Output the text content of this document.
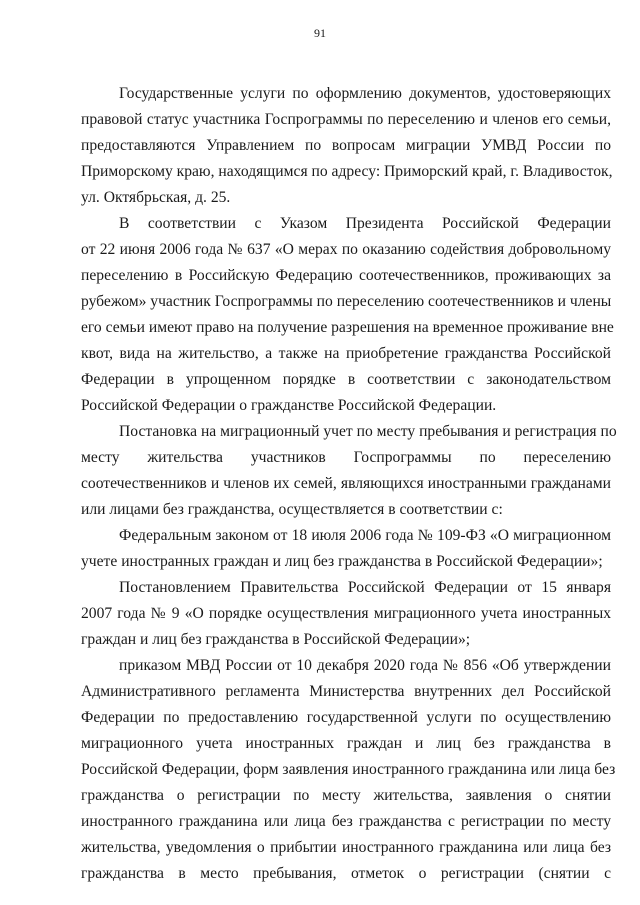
91
Государственные услуги по оформлению документов, удостоверяющих
правовой статус участника Госпрограммы по переселению и членов его семьи,
предоставляются Управлением по вопросам миграции УМВД России по
Приморскому краю, находящимся по адресу: Приморский край, г. Владивосток,
ул. Октябрьская, д. 25.
В соответствии с Указом Президента Российской Федерации
от 22 июня 2006 года № 637 «О мерах по оказанию содействия добровольному
переселению в Российскую Федерацию соотечественников, проживающих за
рубежом» участник Госпрограммы по переселению соотечественников и члены
его семьи имеют право на получение разрешения на временное проживание вне
квот, вида на жительство, а также на приобретение гражданства Российской
Федерации в упрощенном порядке в соответствии с законодательством
Российской Федерации о гражданстве Российской Федерации.
Постановка на миграционный учет по месту пребывания и регистрация по
месту жительства участников Госпрограммы по переселению
соотечественников и членов их семей, являющихся иностранными гражданами
или лицами без гражданства, осуществляется в соответствии с:
Федеральным законом от 18 июля 2006 года № 109-ФЗ «О миграционном
учете иностранных граждан и лиц без гражданства в Российской Федерации»;
Постановлением Правительства Российской Федерации от 15 января
2007 года № 9 «О порядке осуществления миграционного учета иностранных
граждан и лиц без гражданства в Российской Федерации»;
приказом МВД России от 10 декабря 2020 года № 856 «Об утверждении
Административного регламента Министерства внутренних дел Российской
Федерации по предоставлению государственной услуги по осуществлению
миграционного учета иностранных граждан и лиц без гражданства в
Российской Федерации, форм заявления иностранного гражданина или лица без
гражданства о регистрации по месту жительства, заявления о снятии
иностранного гражданина или лица без гражданства с регистрации по месту
жительства, уведомления о прибытии иностранного гражданина или лица без
гражданства в место пребывания, отметок о регистрации (снятии с
